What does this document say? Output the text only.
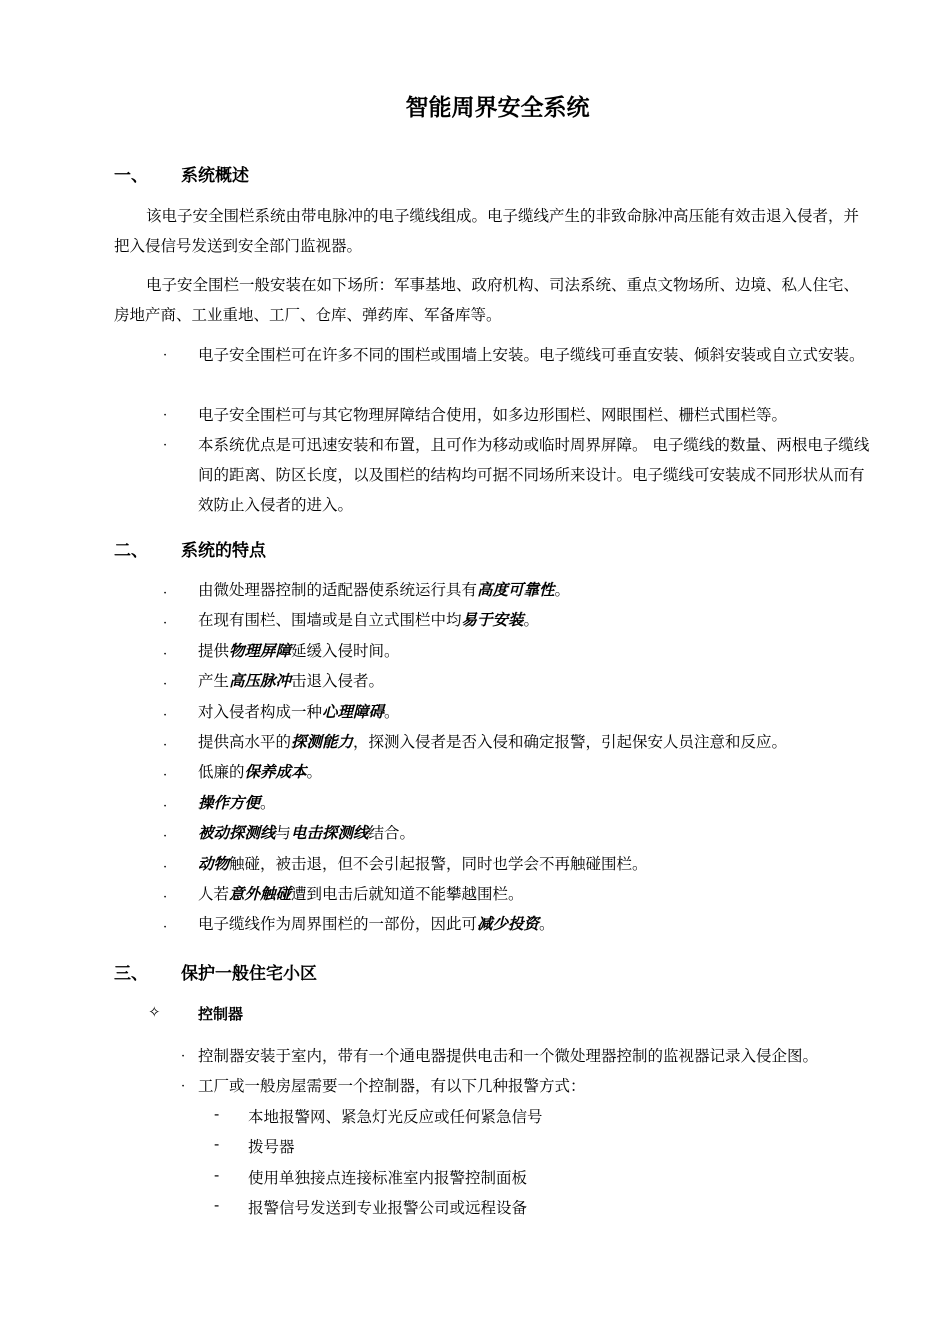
智能周界安全系统
一、 系统概述
该电子安全围栏系统由带电脉冲的电子缆线组成。电子缆线产生的非致命脉冲高压能有效击退入侵者，并把入侵信号发送到安全部门监视器。
电子安全围栏一般安装在如下场所：军事基地、政府机构、司法系统、重点文物场所、边境、私人住宅、房地产商、工业重地、工厂、仓库、弹药库、军备库等。
· 电子安全围栏可在许多不同的围栏或围墙上安装。电子缆线可垂直安装、倾斜安装或自立式安装。
· 电子安全围栏可与其它物理屏障结合使用，如多边形围栏、网眼围栏、栅栏式围栏等。
· 本系统优点是可迅速安装和布置，且可作为移动或临时周界屏障。 电子缆线的数量、两根电子缆线间的距离、防区长度，以及围栏的结构均可据不同场所来设计。电子缆线可安装成不同形状从而有效防止入侵者的进入。
二、 系统的特点
· 由微处理器控制的适配器使系统运行具有高度可靠性。
· 在现有围栏、围墙或是自立式围栏中均易于安装。
· 提供物理屏障延缓入侵时间。
· 产生高压脉冲击退入侵者。
· 对入侵者构成一种心理障碍。
· 提供高水平的探测能力，探测入侵者是否入侵和确定报警，引起保安人员注意和反应。
· 低廉的保养成本。
· 操作方便。
· 被动探测线与电击探测线结合。
· 动物触碰，被击退，但不会引起报警，同时也学会不再触碰围栏。
· 人若意外触碰遭到电击后就知道不能攀越围栏。
· 电子缆线作为周界围栏的一部份，因此可减少投资。
三、 保护一般住宅小区
✧ 控制器
· 控制器安装于室内，带有一个通电器提供电击和一个微处理器控制的监视器记录入侵企图。
· 工厂或一般房屋需要一个控制器，有以下几种报警方式：
- 本地报警网、紧急灯光反应或任何紧急信号
- 拨号器
- 使用单独接点连接标准室内报警控制面板
- 报警信号发送到专业报警公司或远程设备
